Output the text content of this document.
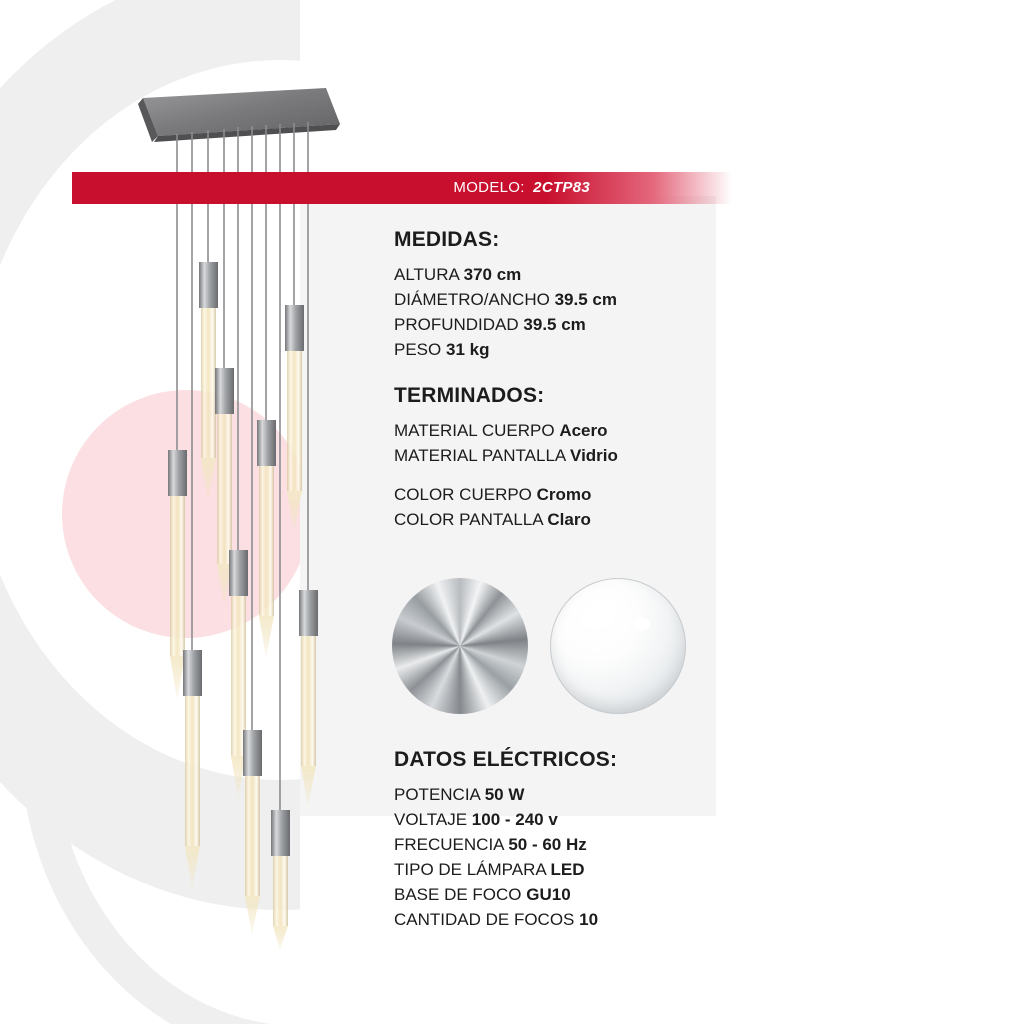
MODELO: 2CTP83
MEDIDAS:
ALTURA 370 cm
DIÁMETRO/ANCHO 39.5 cm
PROFUNDIDAD 39.5 cm
PESO 31 kg
TERMINADOS:
MATERIAL CUERPO Acero
MATERIAL PANTALLA Vidrio
COLOR CUERPO Cromo
COLOR PANTALLA Claro
DATOS ELÉCTRICOS:
POTENCIA 50 W
VOLTAJE 100 - 240 v
FRECUENCIA 50 - 60 Hz
TIPO DE LÁMPARA LED
BASE DE FOCO GU10
CANTIDAD DE FOCOS 10
